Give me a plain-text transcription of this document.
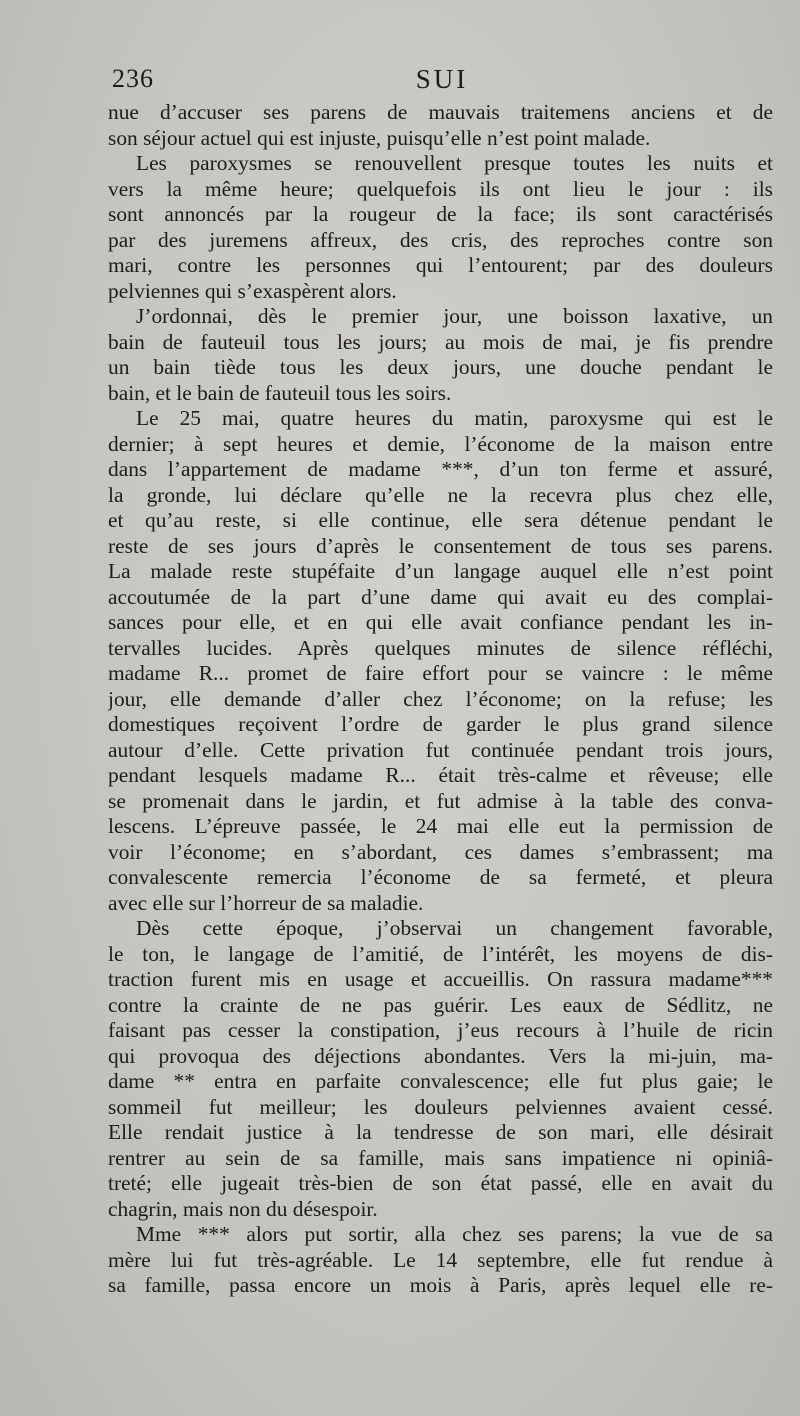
236	SUI
nue d’accuser ses parens de mauvais traitemens anciens et de
son séjour actuel qui est injuste, puisqu’elle n’est point malade.
Les paroxysmes se renouvellent presque toutes les nuits et
vers la même heure; quelquefois ils ont lieu le jour : ils
sont annoncés par la rougeur de la face; ils sont caractérisés
par des juremens affreux, des cris, des reproches contre son
mari, contre les personnes qui l’entourent; par des douleurs
pelviennes qui s’exaspèrent alors.
J’ordonnai, dès le premier jour, une boisson laxative, un
bain de fauteuil tous les jours; au mois de mai, je fis prendre
un bain tiède tous les deux jours, une douche pendant le
bain, et le bain de fauteuil tous les soirs.
Le 25 mai, quatre heures du matin, paroxysme qui est le
dernier; à sept heures et demie, l’économe de la maison entre
dans l’appartement de madame ***, d’un ton ferme et assuré,
la gronde, lui déclare qu’elle ne la recevra plus chez elle,
et qu’au reste, si elle continue, elle sera détenue pendant le
reste de ses jours d’après le consentement de tous ses parens.
La malade reste stupéfaite d’un langage auquel elle n’est point
accoutumée de la part d’une dame qui avait eu des complai-
sances pour elle, et en qui elle avait confiance pendant les in-
tervalles lucides. Après quelques minutes de silence réfléchi,
madame R... promet de faire effort pour se vaincre : le même
jour, elle demande d’aller chez l’économe; on la refuse; les
domestiques reçoivent l’ordre de garder le plus grand silence
autour d’elle. Cette privation fut continuée pendant trois jours,
pendant lesquels madame R... était très-calme et rêveuse; elle
se promenait dans le jardin, et fut admise à la table des conva-
lescens. L’épreuve passée, le 24 mai elle eut la permission de
voir l’économe; en s’abordant, ces dames s’embrassent; ma
convalescente remercia l’économe de sa fermeté, et pleura
avec elle sur l’horreur de sa maladie.
Dès cette époque, j’observai un changement favorable,
le ton, le langage de l’amitié, de l’intérêt, les moyens de dis-
traction furent mis en usage et accueillis. On rassura madame***
contre la crainte de ne pas guérir. Les eaux de Sédlitz, ne
faisant pas cesser la constipation, j’eus recours à l’huile de ricin
qui provoqua des déjections abondantes. Vers la mi-juin, ma-
dame ** entra en parfaite convalescence; elle fut plus gaie; le
sommeil fut meilleur; les douleurs pelviennes avaient cessé.
Elle rendait justice à la tendresse de son mari, elle désirait
rentrer au sein de sa famille, mais sans impatience ni opiniâ-
treté; elle jugeait très-bien de son état passé, elle en avait du
chagrin, mais non du désespoir.
Mme *** alors put sortir, alla chez ses parens; la vue de sa
mère lui fut très-agréable. Le 14 septembre, elle fut rendue à
sa famille, passa encore un mois à Paris, après lequel elle re-
